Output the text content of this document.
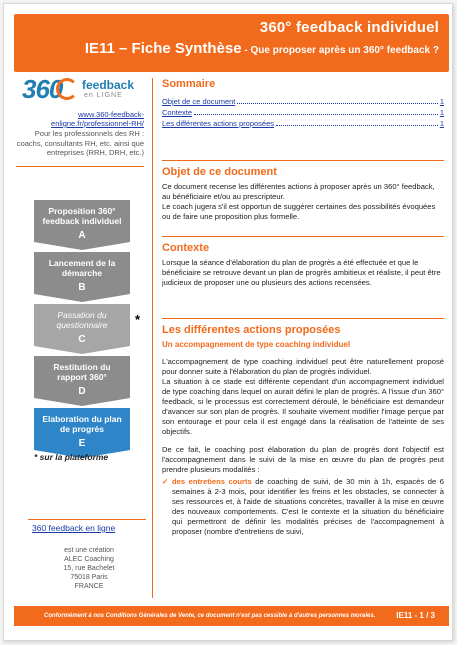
360° feedback individuel
IE11 – Fiche Synthèse - Que proposer après un 360° feedback ?
360 feedback
en LIGNE
www.360-feedback-enligne.fr/professionnel-RH/
Pour les professionnels des RH : coachs, consultants RH, etc. ainsi que entreprises (RRH, DRH, etc.)
Proposition 360° feedback individuel
A
Lancement de la démarche
B
Passation du questionnaire
C
*
Restitution du rapport 360°
D
Elaboration du plan de progrès
E
* sur la plateforme
360 feedback en ligne
est une création
ALEC Coaching
15, rue Bachelet
75018 Paris
FRANCE
Sommaire
Objet de ce document	1
Contexte	1
Les différentes actions proposées	1
Objet de ce document
Ce document recense les différentes actions à proposer après un 360° feedback, au bénéficiaire et/ou au prescripteur.
Le coach jugera s'il est opportun de suggérer certaines des possibilités évoquées ou de faire une proposition plus formelle.
Contexte
Lorsque la séance d'élaboration du plan de progrès a été effectuée et que le bénéficiaire se retrouve devant un plan de progrès ambitieux et réaliste, il peut être judicieux de proposer une ou plusieurs des actions recensées.
Les différentes actions proposées
Un accompagnement de type coaching individuel
L'accompagnement de type coaching individuel peut être naturellement proposé pour donner suite à l'élaboration du plan de progrès individuel.
La situation à ce stade est différente cependant d'un accompagnement individuel de type coaching dans lequel on aurait défini le plan de progrès. A l'issue d'un 360° feedback, si le processus est correctement déroulé, le bénéficiaire est demandeur d'avancer sur son plan de progrès. Il souhaite vivement modifier l'image perçue par son entourage et pour cela il est engagé dans la réalisation de l'atteinte de ses objectifs.
De ce fait, le coaching post élaboration du plan de progrès dont l'objectif est l'accompagnement dans le suivi de la mise en œuvre du plan de progrès peut prendre plusieurs modalités :
✓ des entretiens courts de coaching de suivi, de 30 min à 1h, espacés de 6 semaines à 2-3 mois, pour identifier les freins et les obstacles, se connecter à ses ressources et, à l'aide de situations concrètes, travailler à la mise en œuvre des nouveaux comportements. C'est le contexte et la situation du bénéficiaire qui permettront de définir les modalités précises de l'accompagnement à proposer (nombre d'entretiens de suivi,
Conformément à nos Conditions Générales de Vente, ce document n'est pas cessible à d'autres personnes morales.	IE11 - 1 / 3
